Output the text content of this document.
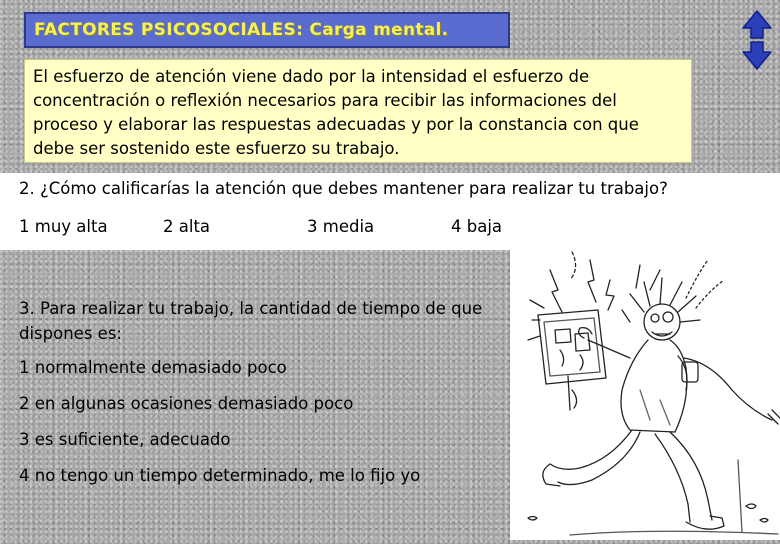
FACTORES PSICOSOCIALES: Carga mental.
El esfuerzo de atención viene dado por la intensidad el esfuerzo de concentración o reflexión necesarios para recibir las informaciones del proceso y elaborar las respuestas adecuadas y por la constancia con que debe ser sostenido este esfuerzo su trabajo.
2. ¿Cómo calificarías la atención que debes mantener para realizar tu trabajo?
1 muy alta	2 alta	3 media	4 baja
3. Para realizar tu trabajo, la cantidad de tiempo de que dispones es:
1 normalmente demasiado poco
2 en algunas ocasiones demasiado poco
3 es suficiente, adecuado
4 no tengo un tiempo determinado, me lo fijo yo
